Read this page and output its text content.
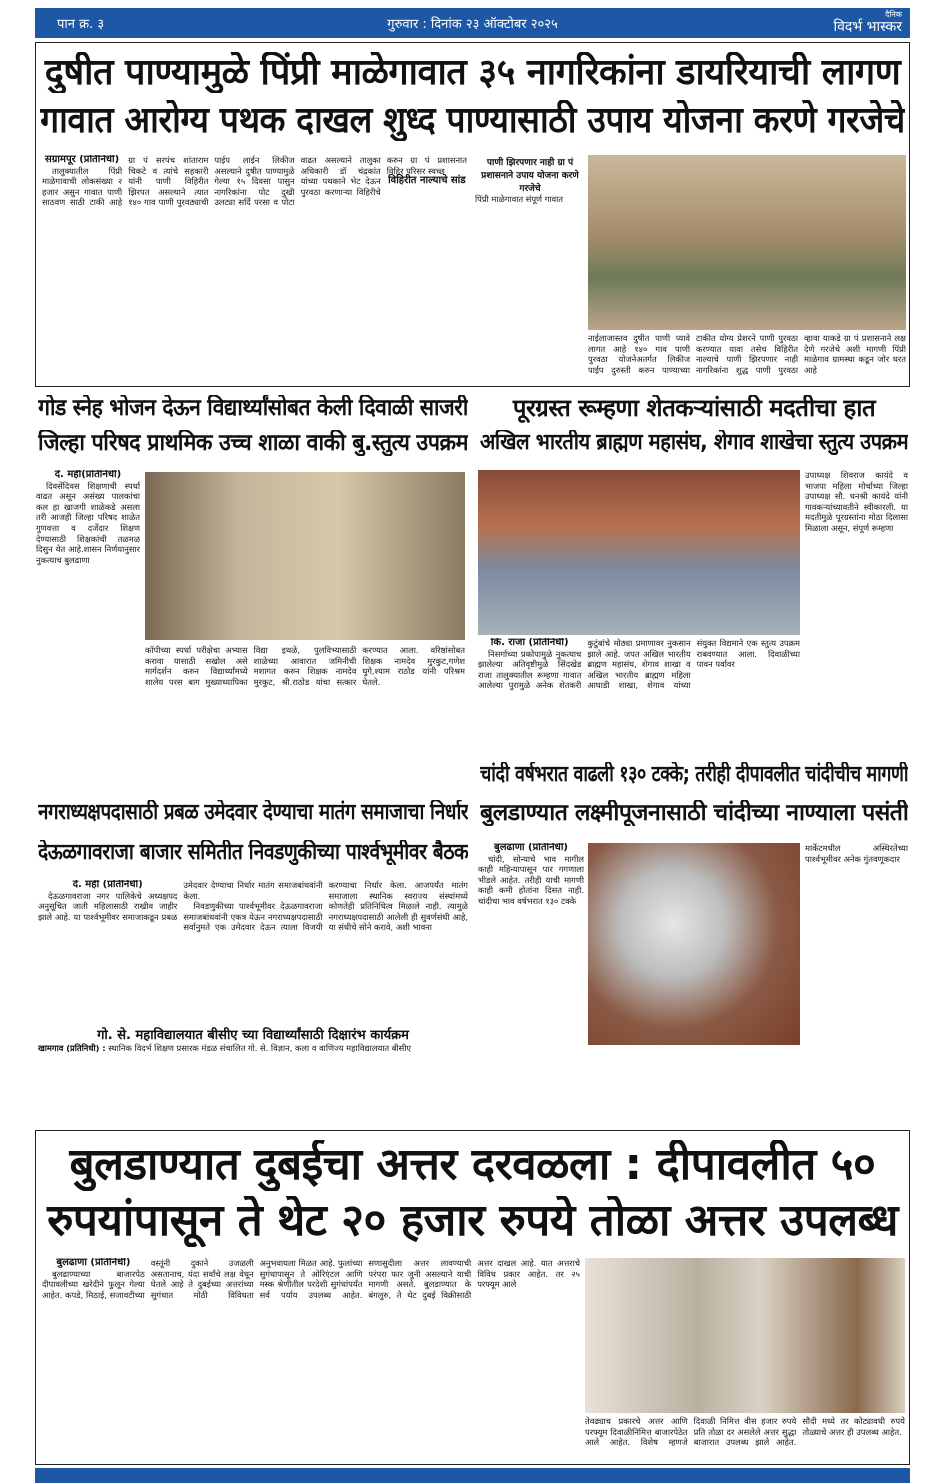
पान क्र. ३	गुरुवार : दिनांक २३ ऑक्टोबर २०२५
दैनिक
विदर्भ भास्कर
दुषीत पाण्यामुळे पिंप्री माळेगावात ३५ नागरिकांना डायरियाची लागण
गावात आरोग्य पथक दाखल शुध्द पाण्यासाठी उपाय योजना करणे गरजेचे

संग्रामपूर (प्रतिनिधी)

तालुक्यातील पिंप्री माळेगावाची लोकसंख्या २ हजार असुन गावात पाणी साठवण साठी टाकी आहे ग्रा पं सरपंच शांताराम चिकटे व त्यांचे सहकारी यांनी पाणी विहिरीत झिरपत असल्याने त्यात १४० गाव पाणी पुरवठ्याची पाईप लाईन लिकीज असल्याने दुषीत पाण्यामुळे गेल्या १५ दिवसा पासुन नागरिकांना पोट दुखी उलट्या सर्दि परसा व पोटा वाढत असल्याने तालुका अधिकारी डॉ चंद्रकांत यांच्या पथकाने भेट देऊन पुरवठा करणाऱ्या विहिरीचे करुन ग्रा पं प्रशासनात विहिर परिसर स्वच्छ

विहिरीत नाल्याचे सांड

पाणी झिरपणार नाही ग्रा पं प्रशासनाने उपाय योजना करणे गरजेचे
पिंप्री माळेगावात संपूर्ण गावात
नाईलाजास्तव दुषीत पाणी प्यावे लागत आहे १४० गाव पाणी पुरवठा योजनेअतर्गत लिकीज पाईप दुरुस्ती करुन पाण्याच्या टाकीत योग्य प्रेशरने पाणी पुरवठा करण्यात यावा तसेच विहिरीत नाल्याचे पाणी झिरपणार नाही नागरिकांना शुद्ध पाणी पुरवठा व्हावा याकडे ग्रा पं प्रशासनाने लक्ष देणे गरजेचे अशी मागणी पिंप्री माळेगाव ग्रामस्था कडून जोर धरत आहे
गोड स्नेह भोजन देऊन विद्यार्थ्यांसोबत केली दिवाळी साजरी
जिल्हा परिषद प्राथमिक उच्च शाळा वाकी बु.स्तुत्य उपक्रम

दे. मही(प्रतिनिधी)

दिवसेंदिवस शिक्षणाची स्पर्धा वाढत असून असंख्य पालकांचा कल हा खाजगी शाळेकडे असला तरी आजही जिल्हा परिषद शाळेत गुणवत्ता व दर्जेदार शिक्षण देण्यासाठी शिक्षकांची तळमळ दिसुन येत आहे.शासन निर्णयानुसार नुकत्याच बुलढाणा

कॉपीच्या स्पर्धा परीक्षेचा अभ्यास करावा यासाठी सखोल असे मार्गदर्शन करुन विद्यार्थ्यांमध्ये शालेय परस बाग मुख्याध्यापिका विद्या इथळे, पुलविभ्यासाठी शाळेच्या आवारात जमिनीची मशागत करुन शिक्षक नामदेव मुरकुट, श्री.राठोड यांचा सत्कार करण्यात आला. वरिष्ठांसोबत शिक्षक नामदेव मुरकुट,गणेश घुगे,श्याम राठोड यांनी परिश्रम घेतले.
पूरग्रस्त रूम्हणा शेतकऱ्यांसाठी मदतीचा हात
अखिल भारतीय ब्राह्मण महासंघ, शेगाव शाखेचा स्तुत्य उपक्रम
उपाध्यक्ष शिवराज कायंदे व भाजपा महिला मोर्चाच्या जिल्हा उपाध्यक्ष सौ. धनश्री कायंदे यांनी गावकऱ्यांच्यावतीने स्वीकारली. या मदतीमुळे पूरग्रस्तांना मोठा दिलासा मिळाला असून, संपूर्ण रूम्हणा

कि. राजा (प्रतिनिधी)

निसर्गाच्या प्रकोपामुळे नुकत्याच झालेल्या अतिवृष्टीमुळे सिंदखेड राजा तालुक्यातील रूम्हणा गावात आलेल्या पुरामुळे अनेक शेतकरी कुटुंबांचे मोठ्या प्रमाणावर नुकसान झाले आहे. जपत अखिल भारतीय ब्राह्मण महासंघ, शेगाव शाखा व अखिल भारतीय ब्राह्मण महिला आघाडी शाखा, शेगाव यांच्या संयुक्त विद्यमाने एक स्तुत्य उपक्रम राबवण्यात आला. दिवाळीच्या पावन पर्वावर

चांदी वर्षभरात वाढली १३० टक्के; तरीही दीपावलीत चांदीचीच मागणी
बुलडाण्यात लक्ष्मीपूजनासाठी चांदीच्या नाण्याला पसंती

बुलढाणा (प्रतिनिधी)

चांदी, सोन्याचे भाव मागील काही महिन्यापासून पार गगणाला भीडले आहेत. तरीही याची मागणी काही कमी होतांना दिसत नाही. चांदीचा भाव वर्षभरात १३० टक्के

मार्केटमधील अस्थिरतेच्या पार्श्वभूमीवर अनेक गुंतवणूकदार
नगराध्यक्षपदासाठी प्रबळ उमेदवार देण्याचा मातंग समाजाचा निर्धार
देऊळगावराजा बाजार समितीत निवडणुकीच्या पार्श्वभूमीवर बैठक

दे. मही (प्रतिनिधी)

देऊळगावराजा नगर पालिकेचे अध्यक्षपद अनुसूचित जाती महिलासाठी राखीव जाहीर झाले आहे. या पार्श्वभूमीवर समाजाकडून प्रबळ उमेदवार देण्याचा निर्धार मातंग समाजबांधवांनी केला.

निवडणुकीच्या पार्श्वभूमीवर देऊळगावराजा समाजबांधवांनी एकत्र येऊन नगराध्यक्षपदासाठी सर्वानुमते एक उमेदवार देऊन त्याला विजयी करण्याचा निर्धार केला. आजपर्यंत मातंग समाजाला स्थानिक स्वराज्य संस्थांमध्ये कोणतेही प्रतिनिधित्व मिळाले नाही. त्यामुळे नगराध्यक्षपदासाठी आलेली ही सुवर्णसंधी आहे, या संधीचे सोने करावे, अशी भावना

गो. से. महाविद्यालयात बीसीए च्या विद्यार्थ्यांसाठी दिक्षारंभ कार्यक्रम
खामगाव (प्रतिनिधी) : स्थानिक विदर्भ शिक्षण प्रसारक मंडळ संचालित गो. से. विज्ञान, कला व वाणिज्य महाविद्यालयात बीसीए
बुलडाण्यात दुबईचा अत्तर दरवळला : दीपावलीत ५०
रुपयांपासून ते थेट २० हजार रुपये तोळा अत्तर उपलब्ध

बुलढाणा (प्रतिनिधी)

बुलढाण्याच्या बाजारपेठ दीपावलीच्या खरेदीने फुलून गेल्या आहेत. कपडे, मिठाई, सजावटीच्या वस्तूंनी दुकाने उजळली असतानाच, यंदा सर्वांचे लक्ष वेधून घेतले आहे ते दुबईच्या अत्तरांच्या सुगंधात मोठी विविधता अनुभवायला मिळत आहे. फुलांच्या सुगंधापासून ते ओरिएंटल आणि मस्क श्रेणीतील परदेशी सुगंधांपर्यंत सर्व पर्याय उपलब्ध आहेत. सणासुदीला अत्तर लावण्याची परंपरा फार जुनी असल्याने याची मागणी असते. बुलडाण्यात के बंगलुरु, ते थेट दुबई विक्रीसाठी अत्तर दाखल आहे. यात अत्तराचे विविध प्रकार आहेत. तर २५ परफ्यूम आले

तेवढ्याच प्रकारचे अत्तर आणि परफ्यूम दिवाळीनिमित्त बाजारपेठेत आले आहेत. विशेष म्हणजे दिवाळी निमित्त वीस हजार रुपये प्रति तोळा दर असलेले अत्तर सुद्धा बाजारात उपलब्ध झाले आहेत. सौदी मध्ये तर कोट्यावधी रुपये तोळ्याचे अत्तर ही उपलब्ध आहेत.
